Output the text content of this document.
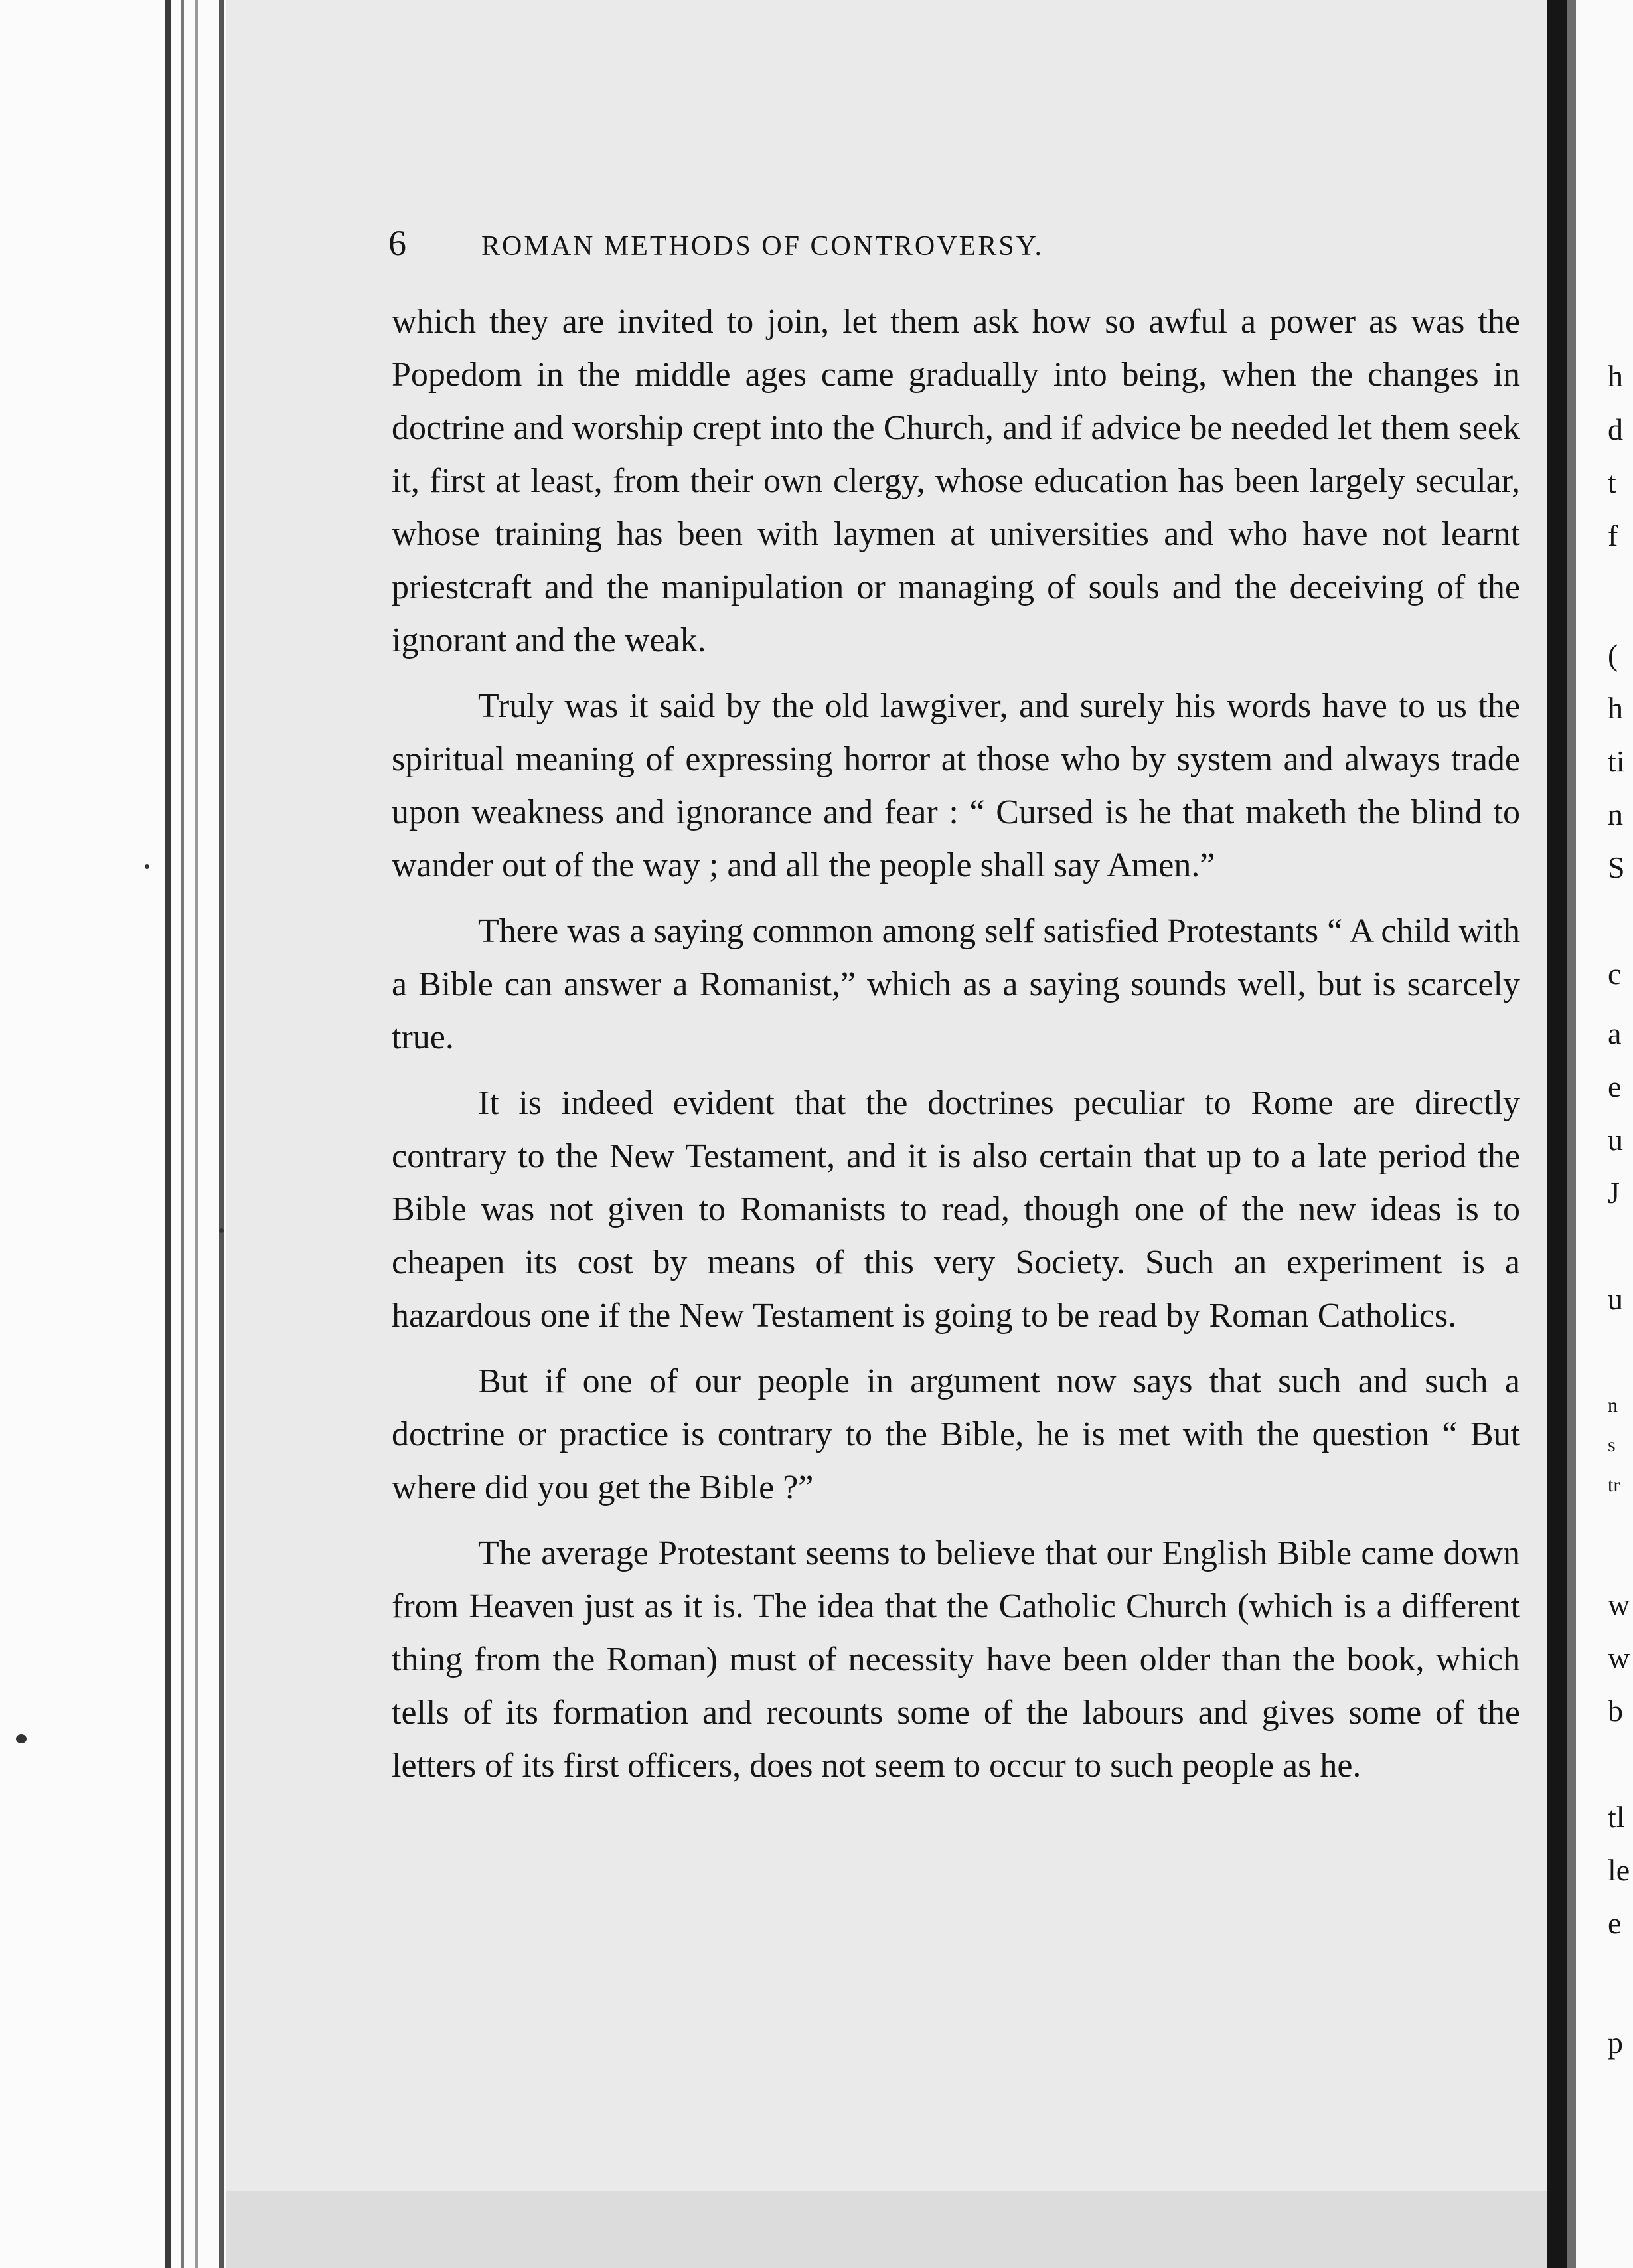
6	ROMAN METHODS OF CONTROVERSY.

which they are invited to join, let them ask how so awful a power as was the Popedom in the middle ages came gradually into being, when the changes in doctrine and worship crept into the Church, and if advice be needed let them seek it, first at least, from their own clergy, whose education has been largely secular, whose training has been with laymen at universities and who have not learnt priestcraft and the manipulation or managing of souls and the deceiving of the ignorant and the weak.

Truly was it said by the old lawgiver, and surely his words have to us the spiritual meaning of expressing horror at those who by system and always trade upon weakness and ignorance and fear : “ Cursed is he that maketh the blind to wander out of the way ; and all the people shall say Amen.”

There was a saying common among self satisfied Protestants “ A child with a Bible can answer a Romanist,” which as a saying sounds well, but is scarcely true.

It is indeed evident that the doctrines peculiar to Rome are directly contrary to the New Testament, and it is also certain that up to a late period the Bible was not given to Romanists to read, though one of the new ideas is to cheapen its cost by means of this very Society. Such an experiment is a hazardous one if the New Testament is going to be read by Roman Catholics.

But if one of our people in argument now says that such and such a doctrine or practice is contrary to the Bible, he is met with the question “ But where did you get the Bible ?”

The average Protestant seems to believe that our English Bible came down from Heaven just as it is. The idea that the Catholic Church (which is a different thing from the Roman) must of necessity have been older than the book, which tells of its formation and recounts some of the labours and gives some of the letters of its first officers, does not seem to occur to such people as he.

h
d
t
f
(
h
ti
n
S
c
a
e
u
J
u
n
s
tr
w
w
b
tl
le
e
p
